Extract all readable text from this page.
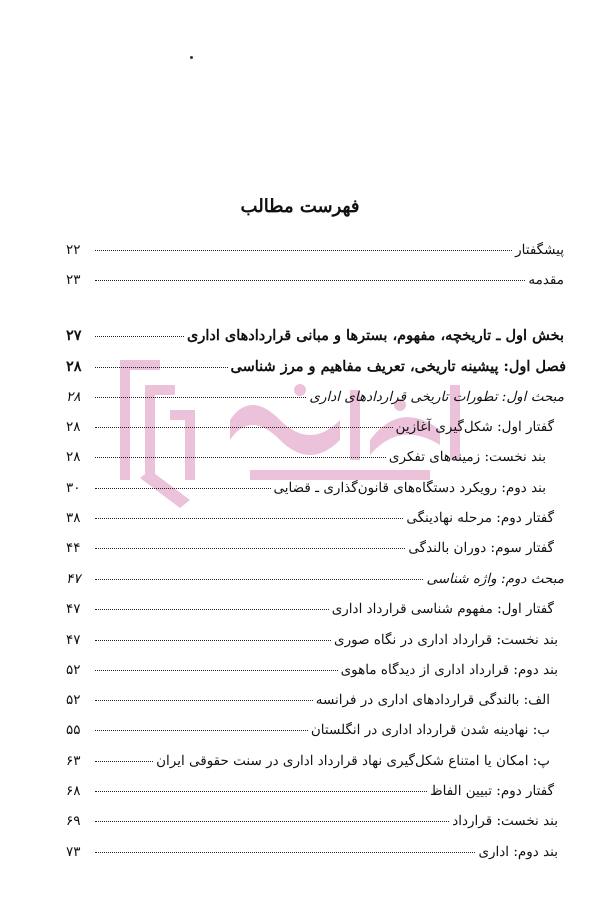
فهرست مطالب
پیشگفتار
۲۲
مقدمه
۲۳
بخش اول ـ تاریخچه، مفهوم، بسترها و مبانی قراردادهای اداری
۲۷
فصل اول: پیشینه تاریخی، تعریف مفاهیم و مرز شناسی
۲۸
مبحث اول: تطورات تاریخی قراردادهای اداری
۲۸
گفتار اول: شکل‌گیری آغازین
۲۸
بند نخست: زمینه‌های تفکری
۲۸
بند دوم: رویکرد دستگاه‌های قانون‌گذاری ـ قضایی
۳۰
گفتار دوم: مرحله نهادینگی
۳۸
گفتار سوم: دوران بالندگی
۴۴
مبحث دوم: واژه شناسی
۴۷
گفتار اول: مفهوم شناسی قرارداد اداری
۴۷
بند نخست: قرارداد اداری در نگاه صوری
۴۷
بند دوم: قرارداد اداری از دیدگاه ماهوی
۵۲
الف: بالندگی قراردادهای اداری در فرانسه
۵۲
ب: نهادینه شدن قرارداد اداری در انگلستان
۵۵
پ: امکان یا امتناع شکل‌گیری نهاد قرارداد اداری در سنت حقوقی ایران
۶۳
گفتار دوم: تبیین الفاظ
۶۸
بند نخست: قرارداد
۶۹
بند دوم: اداری
۷۳
